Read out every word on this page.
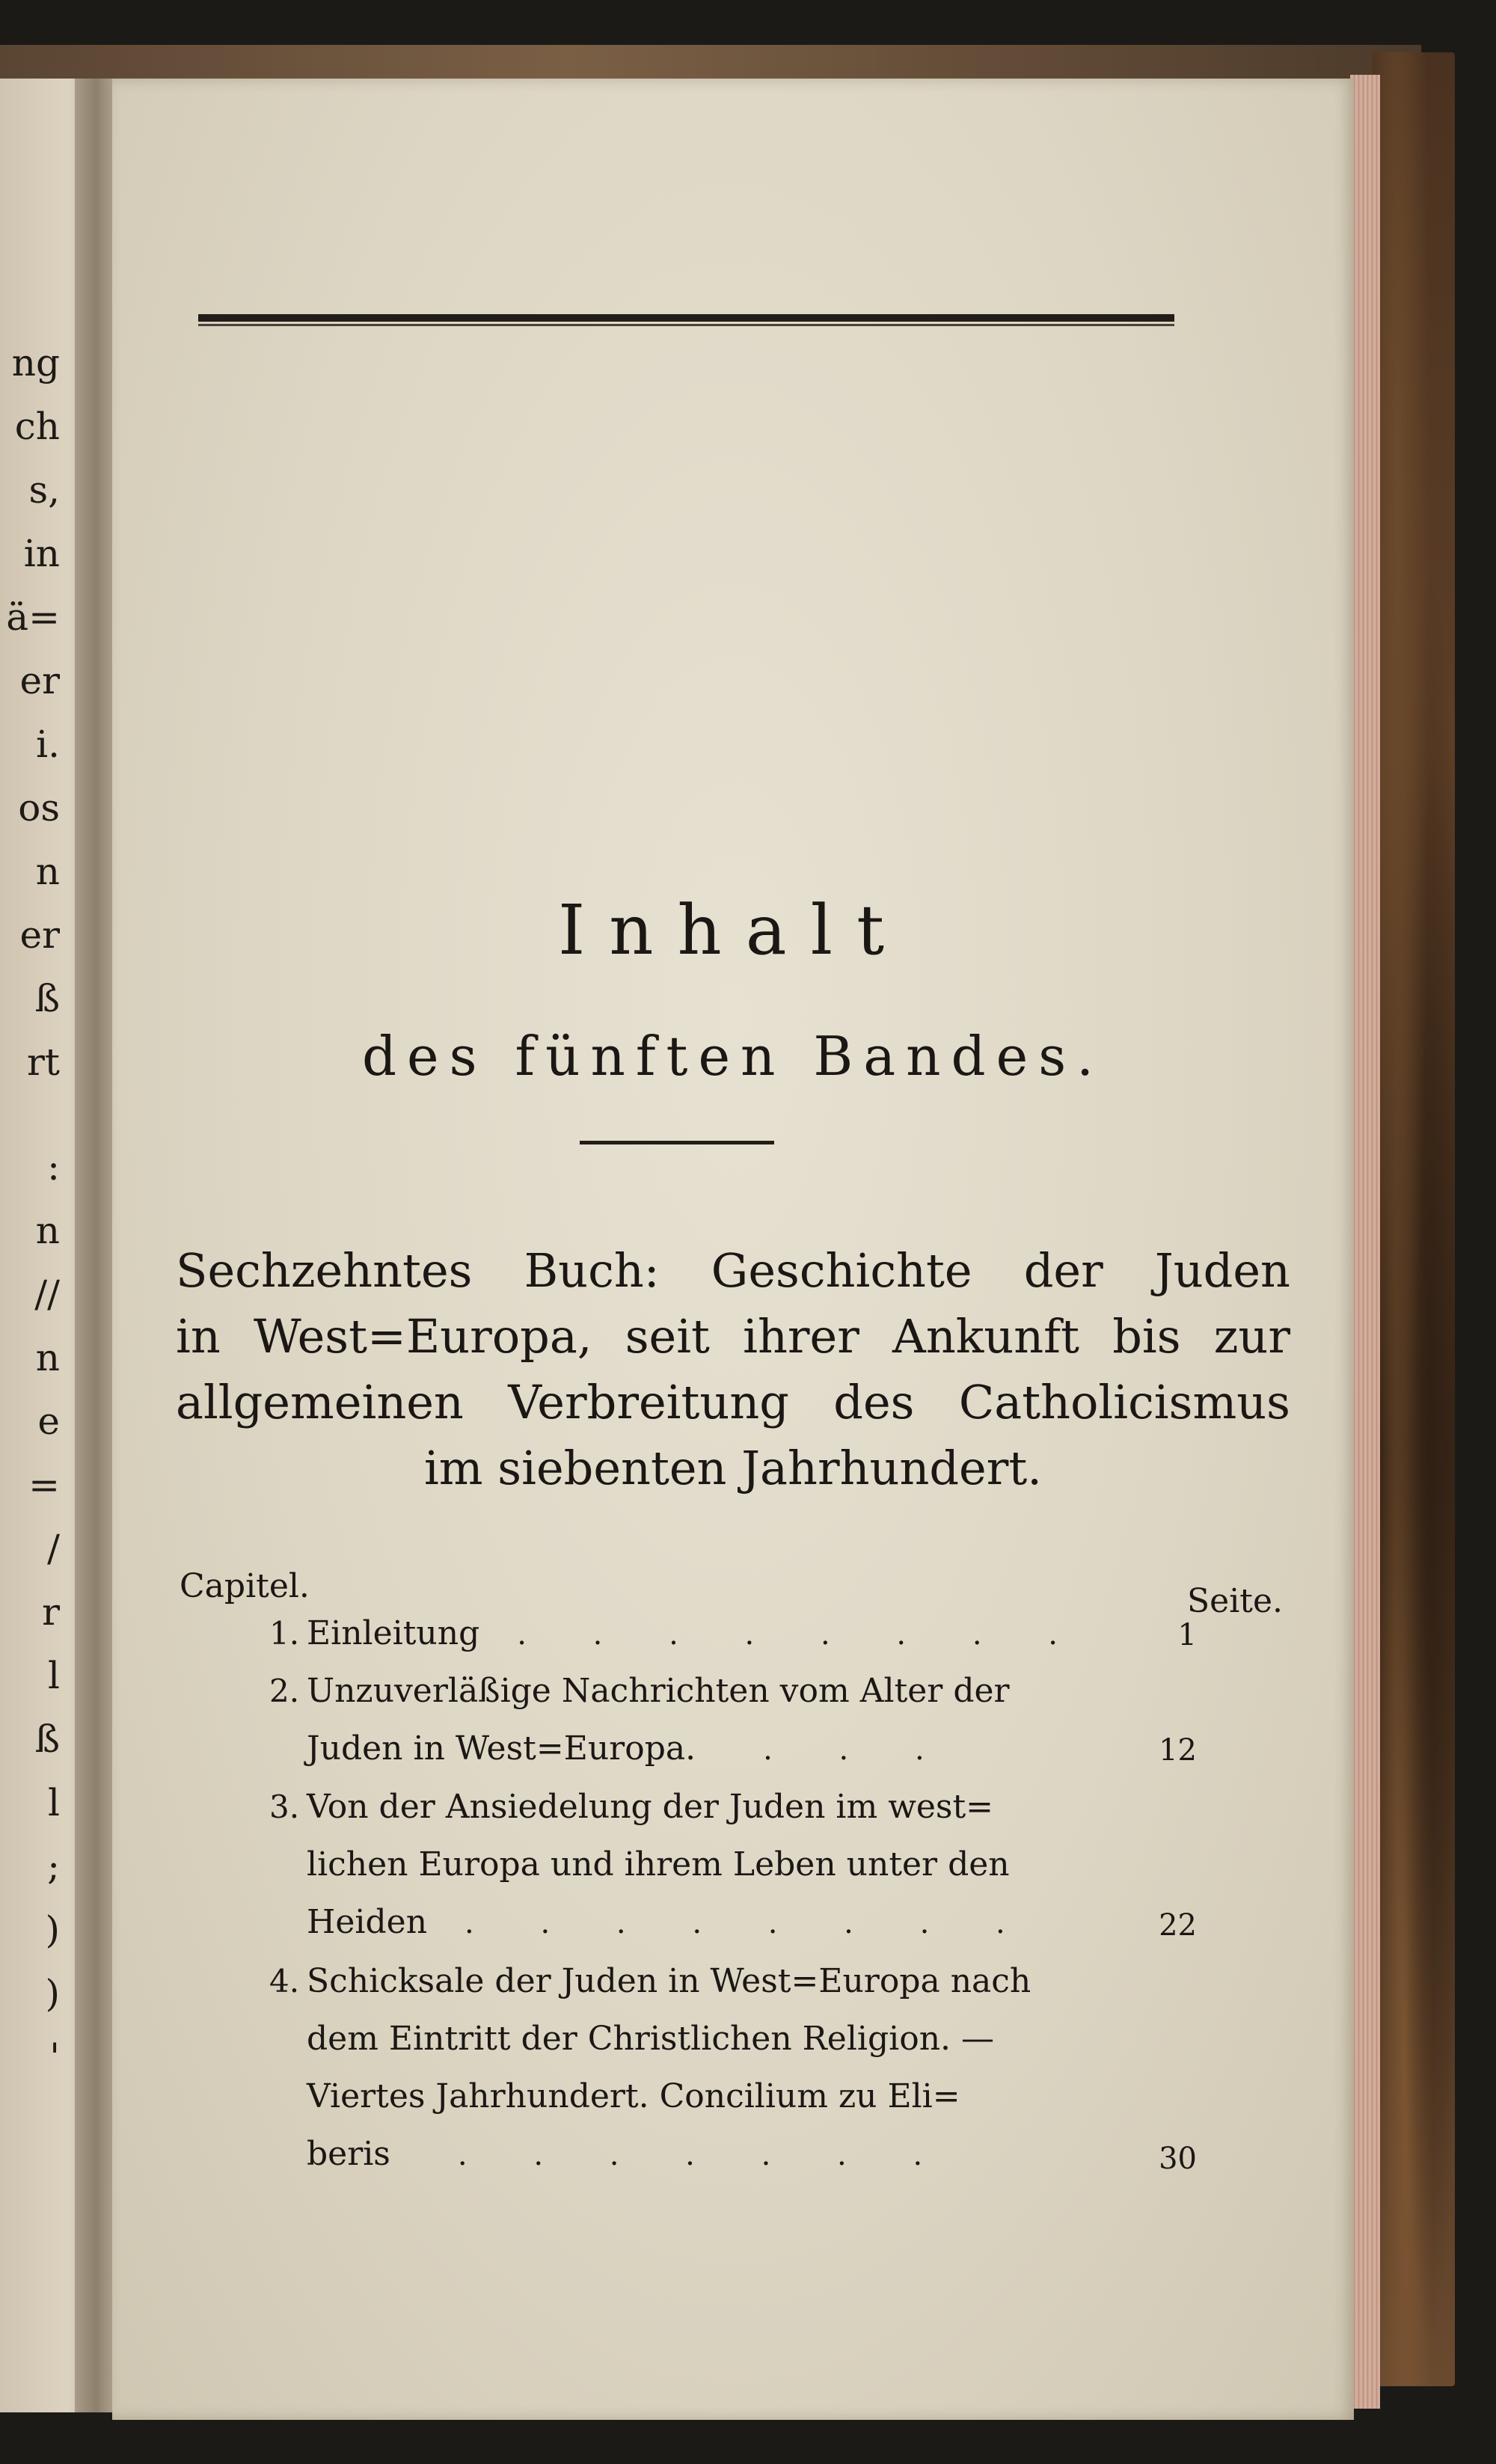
ng
ch
s,
in
ä=
er
i.
os
n
er
ß
rt
:
n
//
n
e
=
/
r
l
ß
l
;
)
)
'
Inhalt
des fünften Bandes.
Sechzehntes Buch: Geschichte der Juden
in West=Europa, seit ihrer Ankunft bis zur
allgemeinen Verbreitung des Catholicismus
im siebenten Jahrhundert.
Capitel.	Seite.
1. Einleitung . . . . . . . .	1
2. Unzuverläßige Nachrichten vom Alter der
Juden in West=Europa. . . .	12
3. Von der Ansiedelung der Juden im west=
lichen Europa und ihrem Leben unter den
Heiden . . . . . . . .	22
4. Schicksale der Juden in West=Europa nach
dem Eintritt der Christlichen Religion. —
Viertes Jahrhundert. Concilium zu Eli=
beris . . . . . . .	30
